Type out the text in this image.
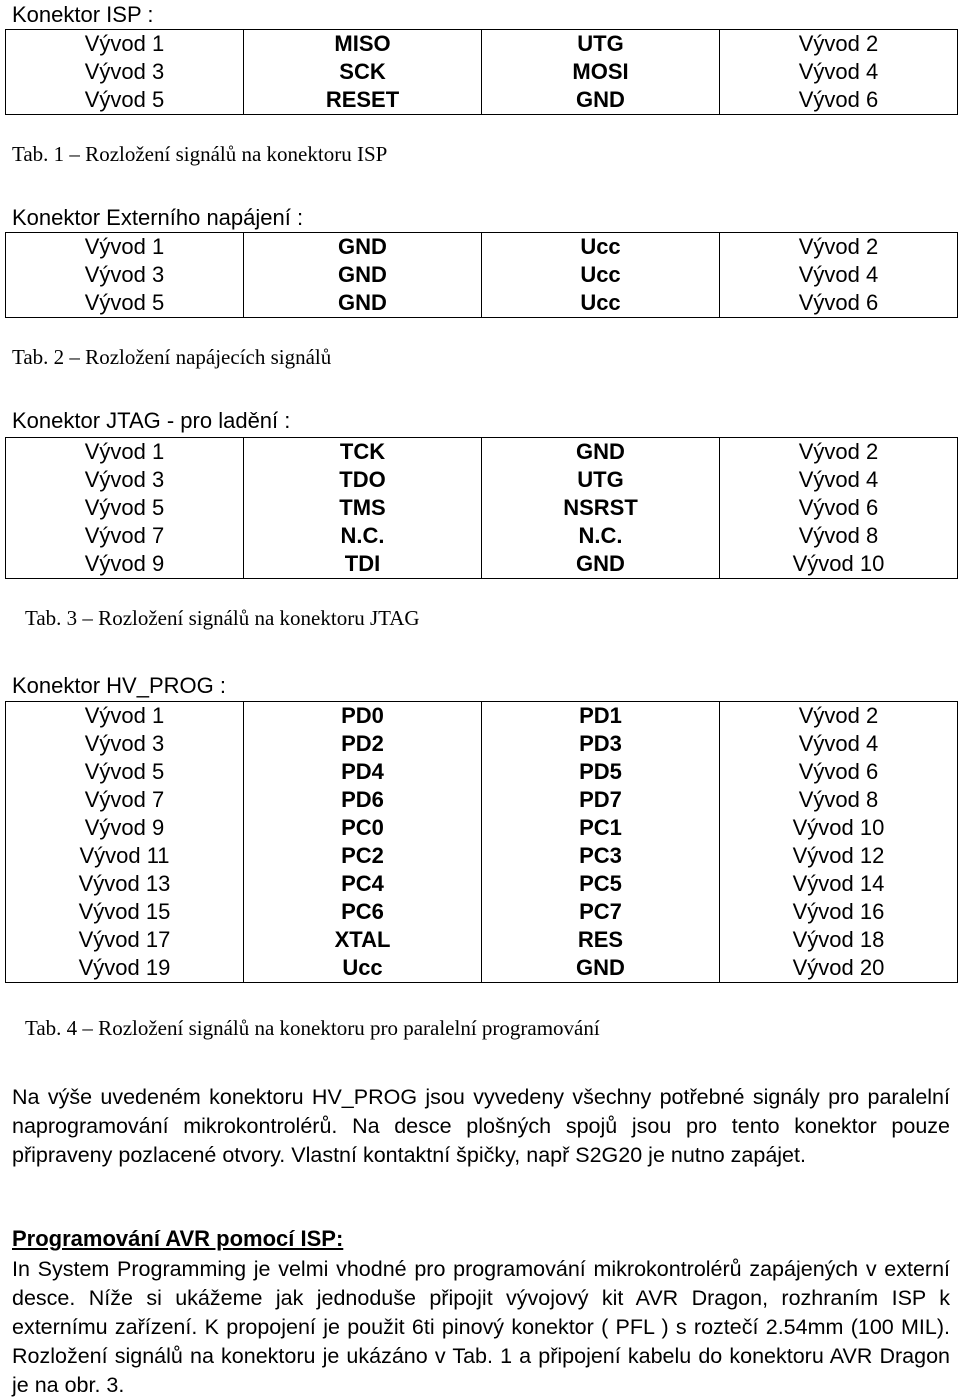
Konektor ISP :
Vývod 1	MISO	UTG	Vývod 2
Vývod 3	SCK	MOSI	Vývod 4
Vývod 5	RESET	GND	Vývod 6
Tab. 1 – Rozložení signálů na konektoru ISP
Konektor Externího napájení :
Vývod 1	GND	Ucc	Vývod 2
Vývod 3	GND	Ucc	Vývod 4
Vývod 5	GND	Ucc	Vývod 6
Tab. 2 – Rozložení napájecích signálů
Konektor JTAG - pro ladění :
Vývod 1	TCK	GND	Vývod 2
Vývod 3	TDO	UTG	Vývod 4
Vývod 5	TMS	NSRST	Vývod 6
Vývod 7	N.C.	N.C.	Vývod 8
Vývod 9	TDI	GND	Vývod 10
Tab. 3 – Rozložení signálů na konektoru JTAG
Konektor HV_PROG :
Vývod 1	PD0	PD1	Vývod 2
Vývod 3	PD2	PD3	Vývod 4
Vývod 5	PD4	PD5	Vývod 6
Vývod 7	PD6	PD7	Vývod 8
Vývod 9	PC0	PC1	Vývod 10
Vývod 11	PC2	PC3	Vývod 12
Vývod 13	PC4	PC5	Vývod 14
Vývod 15	PC6	PC7	Vývod 16
Vývod 17	XTAL	RES	Vývod 18
Vývod 19	Ucc	GND	Vývod 20
Tab. 4 – Rozložení signálů na konektoru pro paralelní programování
Na výše uvedeném konektoru HV_PROG jsou vyvedeny všechny potřebné signály pro paralelní naprogramování mikrokontrolérů. Na desce plošných spojů jsou pro tento konektor pouze připraveny pozlacené otvory. Vlastní kontaktní špičky, např S2G20 je nutno zapájet.
Programování AVR pomocí ISP:
In System Programming je velmi vhodné pro programování mikrokontrolérů zapájených v externí desce. Níže si ukážeme jak jednoduše připojit vývojový kit AVR Dragon, rozhraním ISP k externímu zařízení. K propojení je použit 6ti pinový konektor ( PFL ) s roztečí 2.54mm (100 MIL). Rozložení signálů na konektoru je ukázáno v Tab. 1 a připojení kabelu do konektoru AVR Dragon je na obr. 3.
